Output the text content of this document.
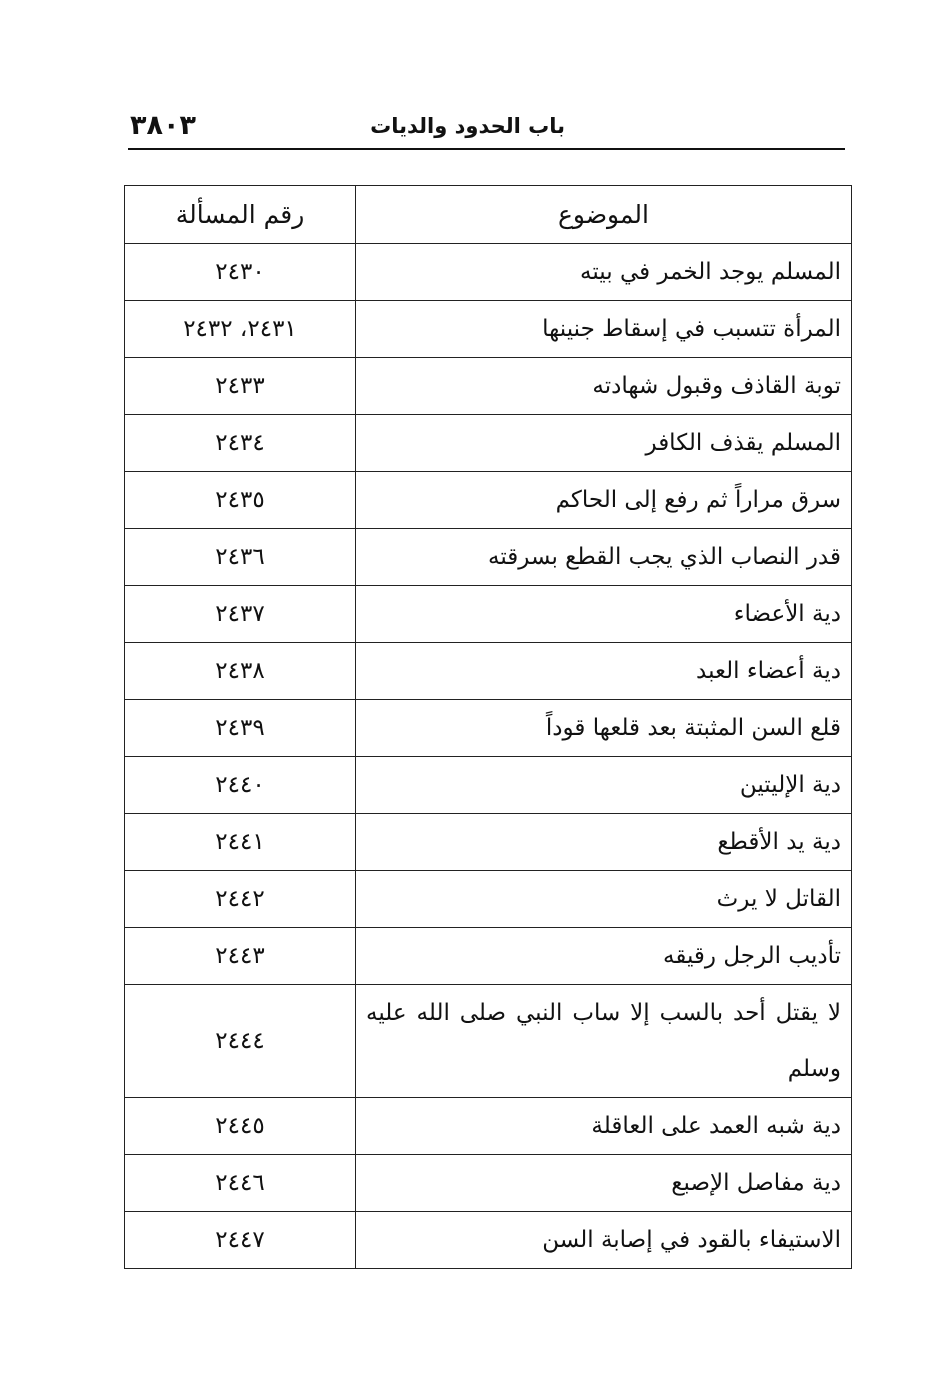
٣٨٠٣	باب الحدود والديات
الموضوع	رقم المسألة
المسلم يوجد الخمر في بيته	٢٤٣٠
المرأة تتسبب في إسقاط جنينها	٢٤٣١، ٢٤٣٢
توبة القاذف وقبول شهادته	٢٤٣٣
المسلم يقذف الكافر	٢٤٣٤
سرق مراراً ثم رفع إلى الحاكم	٢٤٣٥
قدر النصاب الذي يجب القطع بسرقته	٢٤٣٦
دية الأعضاء	٢٤٣٧
دية أعضاء العبد	٢٤٣٨
قلع السن المثبتة بعد قلعها قوداً	٢٤٣٩
دية الإليتين	٢٤٤٠
دية يد الأقطع	٢٤٤١
القاتل لا يرث	٢٤٤٢
تأديب الرجل رقيقه	٢٤٤٣
لا يقتل أحد بالسب إلا ساب النبي صلى الله عليه وسلم	٢٤٤٤
دية شبه العمد على العاقلة	٢٤٤٥
دية مفاصل الإصبع	٢٤٤٦
الاستيفاء بالقود في إصابة السن	٢٤٤٧
